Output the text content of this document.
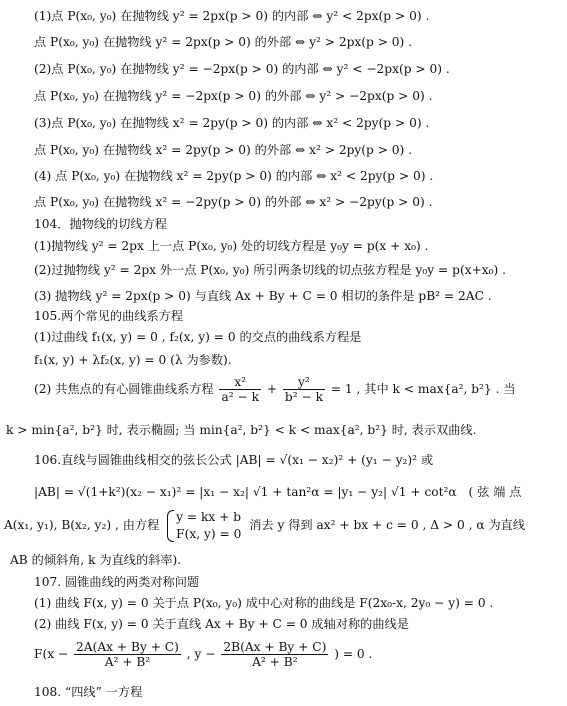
(1)点 P(x₀, y₀) 在抛物线 y² = 2px(p > 0) 的内部 ⇔ y² < 2px(p > 0) .
点 P(x₀, y₀) 在抛物线 y² = 2px(p > 0) 的外部 ⇔ y² > 2px(p > 0) .
(2)点 P(x₀, y₀) 在抛物线 y² = −2px(p > 0) 的内部 ⇔ y² < −2px(p > 0) .
点 P(x₀, y₀) 在抛物线 y² = −2px(p > 0) 的外部 ⇔ y² > −2px(p > 0) .
(3)点 P(x₀, y₀) 在抛物线 x² = 2py(p > 0) 的内部 ⇔ x² < 2py(p > 0) .
点 P(x₀, y₀) 在抛物线 x² = 2py(p > 0) 的外部 ⇔ x² > 2py(p > 0) .
(4) 点 P(x₀, y₀) 在抛物线 x² = 2py(p > 0) 的内部 ⇔ x² < 2py(p > 0) .
点 P(x₀, y₀) 在抛物线 x² = −2py(p > 0) 的外部 ⇔ x² > −2py(p > 0) .
104．抛物线的切线方程
(1)抛物线 y² = 2px 上一点 P(x₀, y₀) 处的切线方程是 y₀y = p(x + x₀) .
(2)过抛物线 y² = 2px 外一点 P(x₀, y₀) 所引两条切线的切点弦方程是 y₀y = p(x+x₀) .
(3) 抛物线 y² = 2px(p > 0) 与直线 Ax + By + C = 0 相切的条件是 pB² = 2AC .
105.两个常见的曲线系方程
(1)过曲线 f₁(x, y) = 0 , f₂(x, y) = 0 的交点的曲线系方程是
f₁(x, y) + λf₂(x, y) = 0 (λ 为参数).
(2) 共焦点的有心圆锥曲线系方程 $\frac{\text{x²}}{\text{a² − k}} + \frac{\text{y²}}{\text{b² − k}} = 1$ , 其中 k < max{a², b²} . 当
k > min{a², b²} 时, 表示椭圆; 当 min{a², b²} < k < max{a², b²} 时, 表示双曲线.
106.直线与圆锥曲线相交的弦长公式 |AB| = √(x₁ − x₂)² + (y₁ − y₂)² 或
|AB| = √(1+k²)(x₂ − x₁)² = |x₁ − x₂| √1 + tan²α = |y₁ − y₂| √1 + cot²α ( 弦 端 点
A(x₁, y₁), B(x₂, y₂) , 由方程
y = kx + b
F(x, y) = 0
消去 y 得到 ax² + bx + c = 0 , Δ > 0 , α 为直线
AB 的倾斜角, k 为直线的斜率).
107. 圆锥曲线的两类对称问题
(1) 曲线 F(x, y) = 0 关于点 P(x₀, y₀) 成中心对称的曲线是 F(2x₀-x, 2y₀ − y) = 0 .
(2) 曲线 F(x, y) = 0 关于直线 Ax + By + C = 0 成轴对称的曲线是
$F(x - \frac{2A(Ax + By + C)}{\text{A² + B²}}$ , $y - \frac{2B(Ax + By + C)}{\text{A² + B²}}$ ) = 0 .
108. “四线” 一方程
